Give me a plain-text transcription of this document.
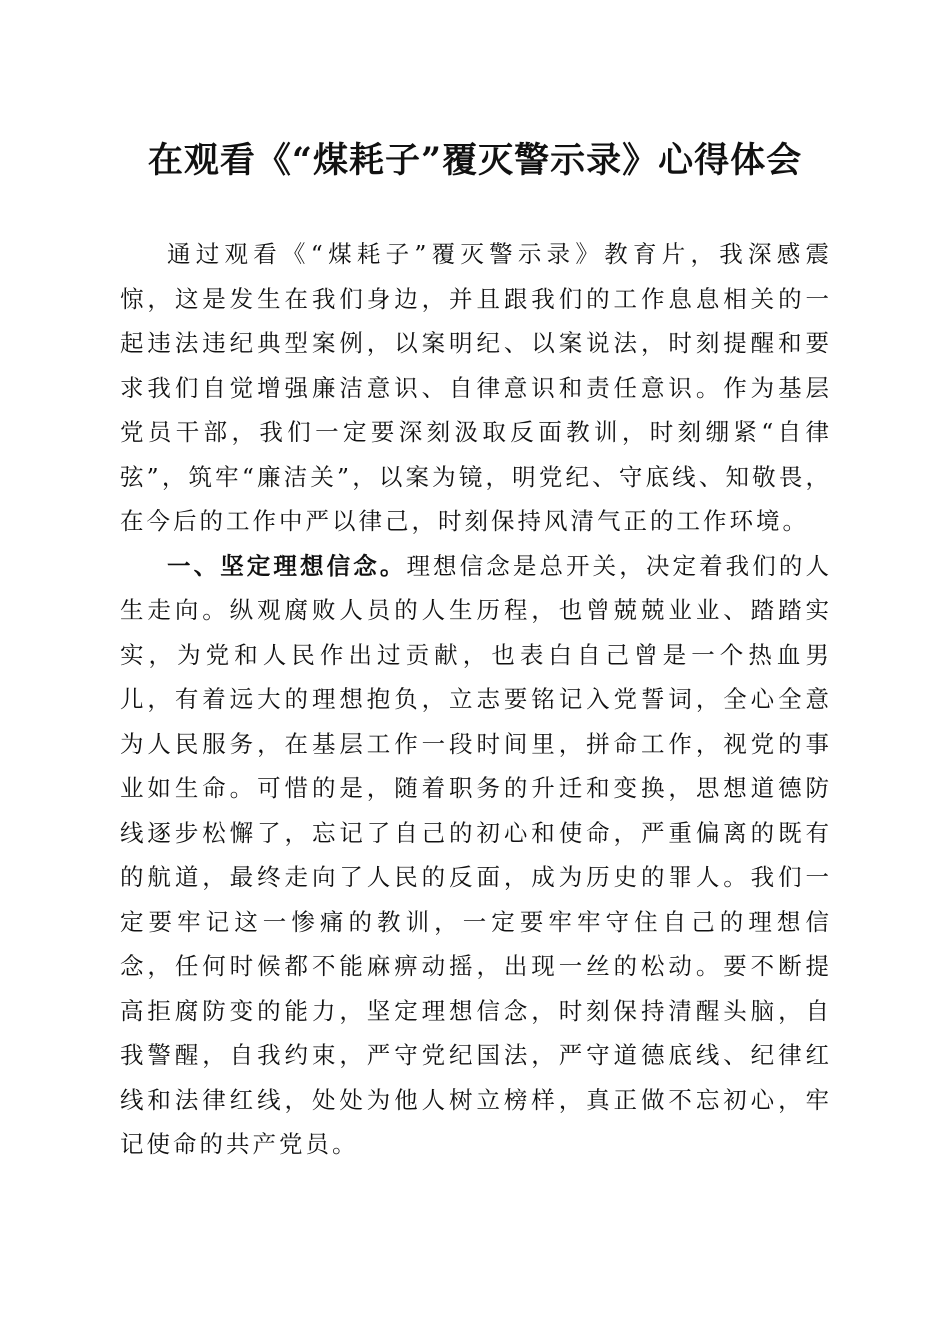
在观看《“煤耗子”覆灭警示录》心得体会

通过观看《“煤耗子”覆灭警示录》教育片，我深感震惊，这是发生在我们身边，并且跟我们的工作息息相关的一起违法违纪典型案例，以案明纪、以案说法，时刻提醒和要求我们自觉增强廉洁意识、自律意识和责任意识。作为基层党员干部，我们一定要深刻汲取反面教训，时刻绷紧“自律弦”，筑牢“廉洁关”，以案为镜，明党纪、守底线、知敬畏，在今后的工作中严以律己，时刻保持风清气正的工作环境。

一、坚定理想信念。理想信念是总开关，决定着我们的人生走向。纵观腐败人员的人生历程，也曾兢兢业业、踏踏实实，为党和人民作出过贡献，也表白自己曾是一个热血男儿，有着远大的理想抱负，立志要铭记入党誓词，全心全意为人民服务，在基层工作一段时间里，拼命工作，视党的事业如生命。可惜的是，随着职务的升迁和变换，思想道德防线逐步松懈了，忘记了自己的初心和使命，严重偏离的既有的航道，最终走向了人民的反面，成为历史的罪人。我们一定要牢记这一惨痛的教训，一定要牢牢守住自己的理想信念，任何时候都不能麻痹动摇，出现一丝的松动。要不断提高拒腐防变的能力，坚定理想信念，时刻保持清醒头脑，自我警醒，自我约束，严守党纪国法，严守道德底线、纪律红线和法律红线，处处为他人树立榜样，真正做不忘初心，牢记使命的共产党员。
